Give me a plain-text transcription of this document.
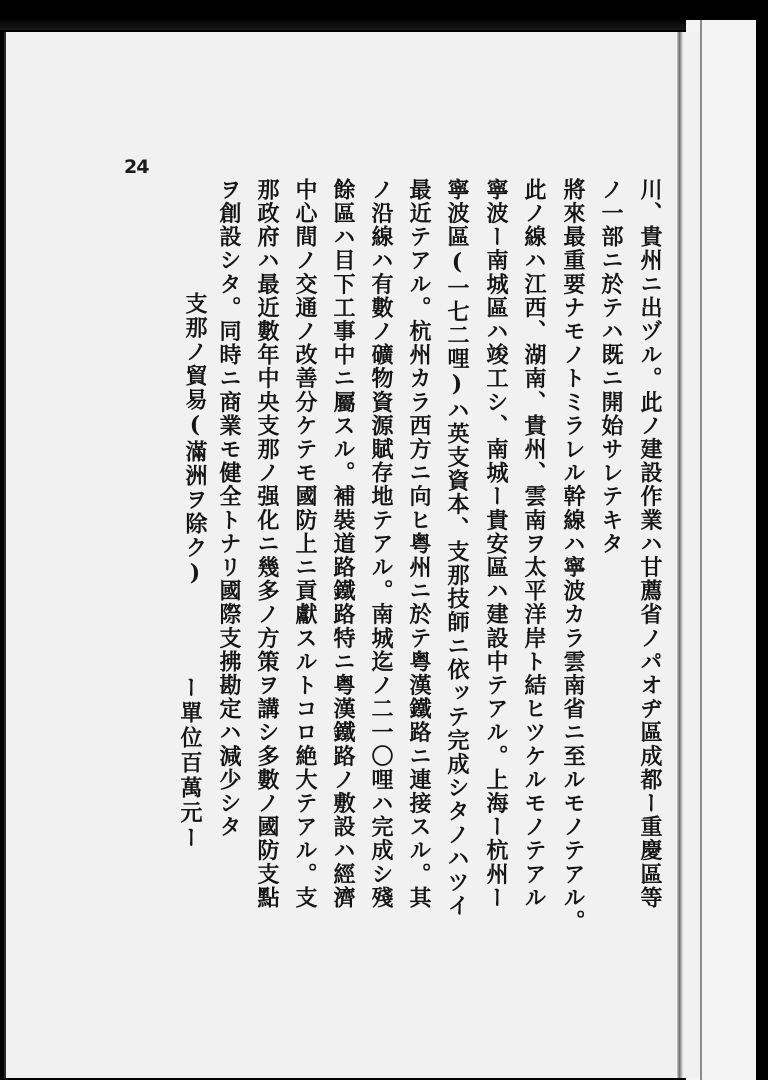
24
川、貴州ニ出ヅル。此ノ建設作業ハ甘薦省ノパオヂ區成都ー重慶區等
ノ一部ニ於テハ既ニ開始サレテキタ
將來最重要ナモノトミラレル幹線ハ寧波カラ雲南省ニ至ルモノテアル。
此ノ線ハ江西、湖南、貴州、雲南ヲ太平洋岸ト結ヒツケルモノテアル
寧波ー南城區ハ竣工シ、南城ー貴安區ハ建設中テアル。上海ー杭州ー
寧波區(一七二哩)ハ英支資本、支那技師ニ依ッテ完成シタノハツイ
最近テアル。杭州カラ西方ニ向ヒ粤州ニ於テ粤漢鐵路ニ連接スル。其
ノ沿線ハ有數ノ礦物資源賦存地テアル。南城迄ノ二一〇哩ハ完成シ殘
餘區ハ目下工事中ニ屬スル。補裝道路鐵路特ニ粤漢鐵路ノ敷設ハ經濟
中心間ノ交通ノ改善分ケテモ國防上ニ貢獻スルトコロ絶大テアル。支
那政府ハ最近數年中央支那ノ强化ニ幾多ノ方策ヲ講シ多數ノ國防支點
ヲ創設シタ。同時ニ商業モ健全トナリ國際支拂勘定ハ減少シタ
支那ノ貿易(滿洲ヲ除ク)
ー單位百萬元ー
